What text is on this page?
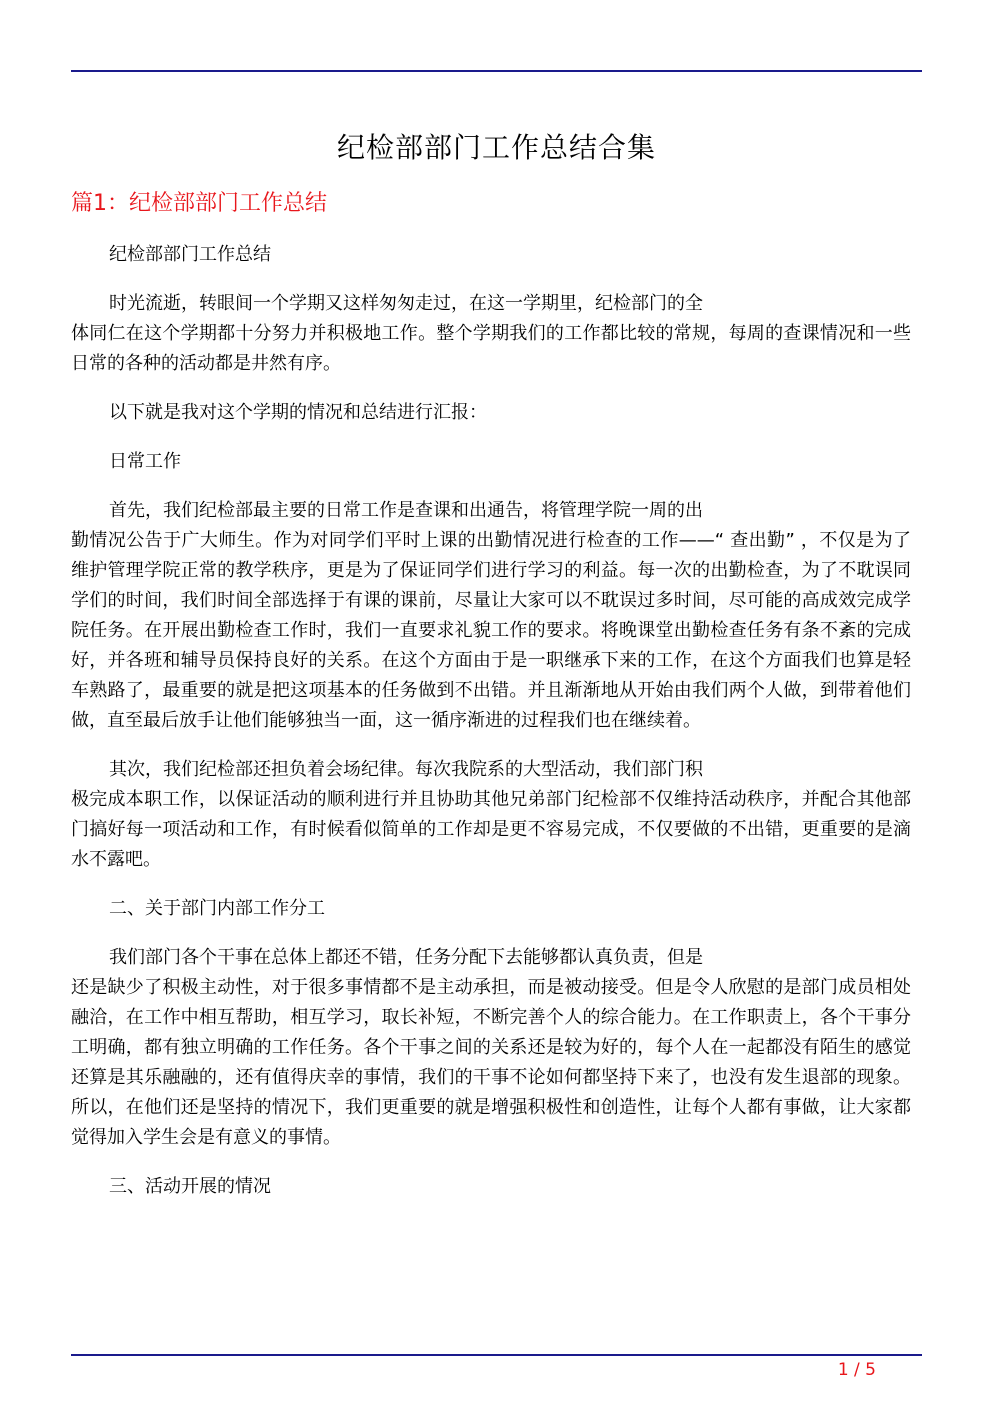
纪检部部门工作总结合集
篇1：纪检部部门工作总结

纪检部部门工作总结

时光流逝，转眼间一个学期又这样匆匆走过，在这一学期里，纪检部门的全
体同仁在这个学期都十分努力并积极地工作。整个学期我们的工作都比较的常规，每周的查课情况和一些日常的各种的活动都是井然有序。

以下就是我对这个学期的情况和总结进行汇报：

日常工作

首先，我们纪检部最主要的日常工作是查课和出通告，将管理学院一周的出
勤情况公告于广大师生。作为对同学们平时上课的出勤情况进行检查的工作——“ 查出勤” ，不仅是为了维护管理学院正常的教学秩序，更是为了保证同学们进行学习的利益。每一次的出勤检查，为了不耽误同学们的时间，我们时间全部选择于有课的课前，尽量让大家可以不耽误过多时间，尽可能的高成效完成学院任务。在开展出勤检查工作时，我们一直要求礼貌工作的要求。将晚课堂出勤检查任务有条不紊的完成好，并各班和辅导员保持良好的关系。在这个方面由于是一职继承下来的工作，在这个方面我们也算是轻车熟路了，最重要的就是把这项基本的任务做到不出错。并且渐渐地从开始由我们两个人做，到带着他们做，直至最后放手让他们能够独当一面，这一循序渐进的过程我们也在继续着。

其次，我们纪检部还担负着会场纪律。每次我院系的大型活动，我们部门积
极完成本职工作，以保证活动的顺利进行并且协助其他兄弟部门纪检部不仅维持活动秩序，并配合其他部门搞好每一项活动和工作，有时候看似简单的工作却是更不容易完成，不仅要做的不出错，更重要的是滴水不露吧。

二、关于部门内部工作分工

我们部门各个干事在总体上都还不错，任务分配下去能够都认真负责，但是
还是缺少了积极主动性，对于很多事情都不是主动承担，而是被动接受。但是令人欣慰的是部门成员相处融洽，在工作中相互帮助，相互学习，取长补短，不断完善个人的综合能力。在工作职责上，各个干事分工明确，都有独立明确的工作任务。各个干事之间的关系还是较为好的，每个人在一起都没有陌生的感觉还算是其乐融融的，还有值得庆幸的事情，我们的干事不论如何都坚持下来了，也没有发生退部的现象。所以，在他们还是坚持的情况下，我们更重要的就是增强积极性和创造性，让每个人都有事做，让大家都觉得加入学生会是有意义的事情。

三、活动开展的情况

1 / 5
